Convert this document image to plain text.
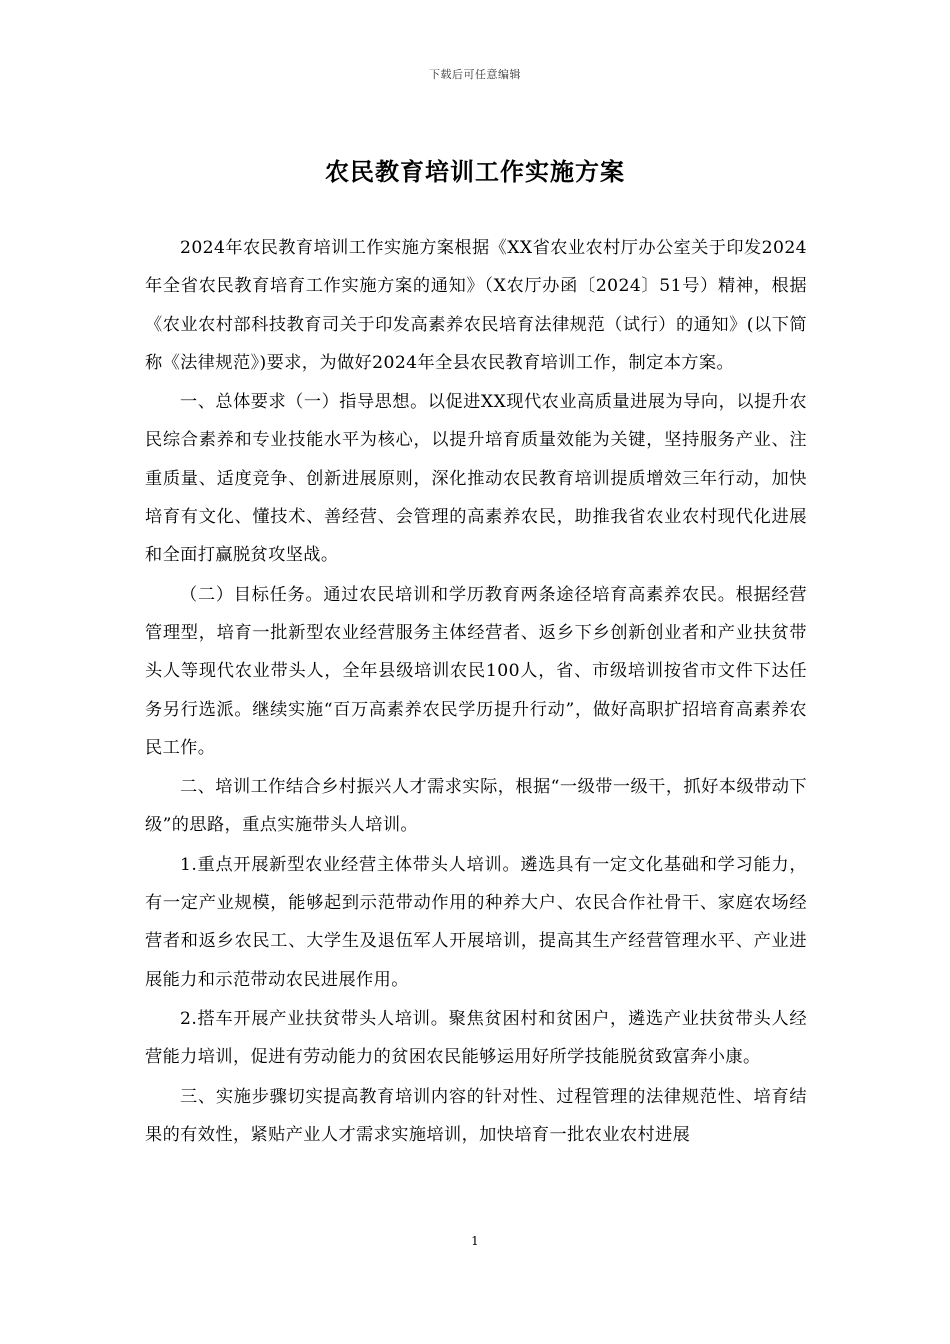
下载后可任意编辑
农民教育培训工作实施方案

2024年农民教育培训工作实施方案根据《XX省农业农村厅办公室关于印发2024年全省农民教育培育工作实施方案的通知》（X农厅办函〔2024〕51号）精神，根据《农业农村部科技教育司关于印发高素养农民培育法律规范（试行）的通知》(以下简称《法律规范》)要求，为做好2024年全县农民教育培训工作，制定本方案。

一、总体要求（一）指导思想。以促进XX现代农业高质量进展为导向，以提升农民综合素养和专业技能水平为核心，以提升培育质量效能为关键，坚持服务产业、注重质量、适度竞争、创新进展原则，深化推动农民教育培训提质增效三年行动，加快培育有文化、懂技术、善经营、会管理的高素养农民，助推我省农业农村现代化进展和全面打赢脱贫攻坚战。

（二）目标任务。通过农民培训和学历教育两条途径培育高素养农民。根据经营管理型，培育一批新型农业经营服务主体经营者、返乡下乡创新创业者和产业扶贫带头人等现代农业带头人，全年县级培训农民100人，省、市级培训按省市文件下达任务另行选派。继续实施“百万高素养农民学历提升行动”，做好高职扩招培育高素养农民工作。

二、培训工作结合乡村振兴人才需求实际，根据“一级带一级干，抓好本级带动下级”的思路，重点实施带头人培训。

1.重点开展新型农业经营主体带头人培训。遴选具有一定文化基础和学习能力，有一定产业规模，能够起到示范带动作用的种养大户、农民合作社骨干、家庭农场经营者和返乡农民工、大学生及退伍军人开展培训，提高其生产经营管理水平、产业进展能力和示范带动农民进展作用。

2.搭车开展产业扶贫带头人培训。聚焦贫困村和贫困户，遴选产业扶贫带头人经营能力培训，促进有劳动能力的贫困农民能够运用好所学技能脱贫致富奔小康。

三、实施步骤切实提高教育培训内容的针对性、过程管理的法律规范性、培育结果的有效性，紧贴产业人才需求实施培训，加快培育一批农业农村进展

1
